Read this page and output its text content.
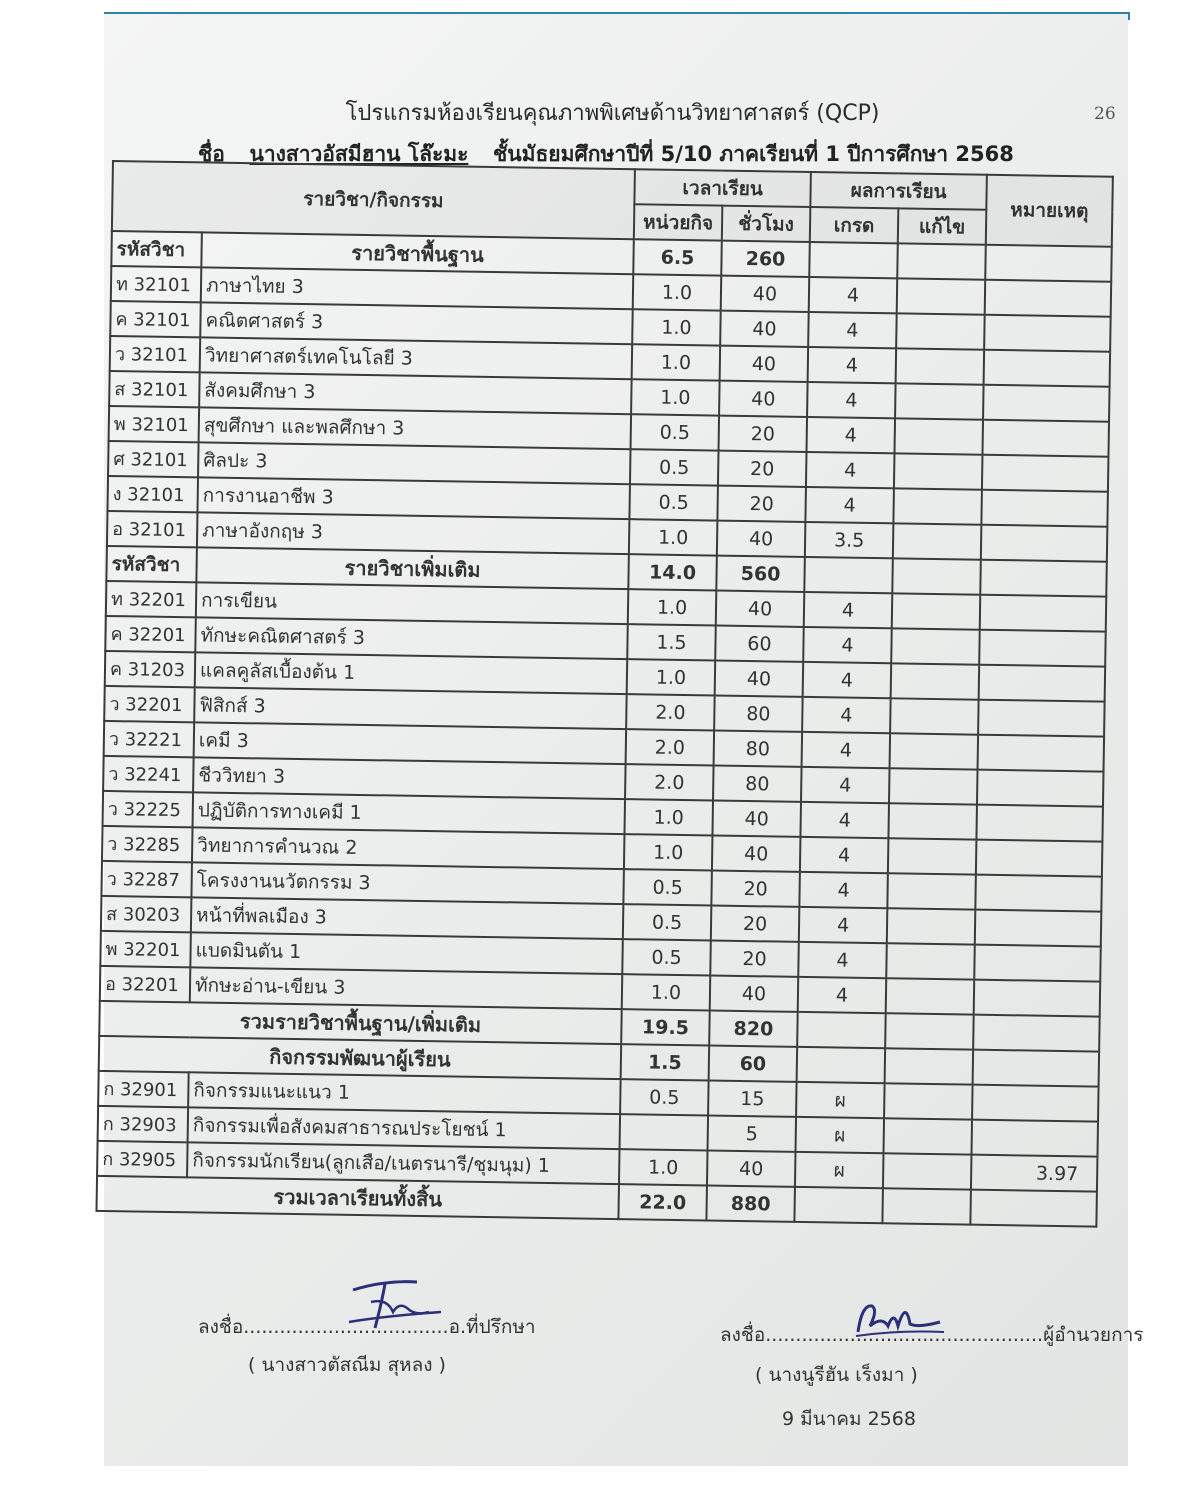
26
โปรแกรมห้องเรียนคุณภาพพิเศษด้านวิทยาศาสตร์ (QCP)
ชื่อ นางสาวอัสมีฮาน โล๊ะมะ ชั้นมัธยมศึกษาปีที่ 5/10 ภาคเรียนที่ 1 ปีการศึกษา 2568
รายวิชา/กิจกรรม		เวลาเรียน		ผลการเรียน		หมายเหตุ
		หน่วยกิจ	ชั่วโมง	เกรด	แก้ไข	
รหัสวิชา	รายวิชาพื้นฐาน	6.5	260			
ท 32101	ภาษาไทย 3	1.0	40	4		
ค 32101	คณิตศาสตร์ 3	1.0	40	4		
ว 32101	วิทยาศาสตร์เทคโนโลยี 3	1.0	40	4		
ส 32101	สังคมศึกษา 3	1.0	40	4		
พ 32101	สุขศึกษา และพลศึกษา 3	0.5	20	4		
ศ 32101	ศิลปะ 3	0.5	20	4		
ง 32101	การงานอาชีพ 3	0.5	20	4		
อ 32101	ภาษาอังกฤษ 3	1.0	40	3.5		
รหัสวิชา	รายวิชาเพิ่มเติม	14.0	560			
ท 32201	การเขียน	1.0	40	4		
ค 32201	ทักษะคณิตศาสตร์ 3	1.5	60	4		
ค 31203	แคลคูลัสเบื้องต้น 1	1.0	40	4		
ว 32201	ฟิสิกส์ 3	2.0	80	4		
ว 32221	เคมี 3	2.0	80	4		
ว 32241	ชีววิทยา 3	2.0	80	4		
ว 32225	ปฏิบัติการทางเคมี 1	1.0	40	4		
ว 32285	วิทยาการคำนวณ 2	1.0	40	4		
ว 32287	โครงงานนวัตกรรม 3	0.5	20	4		
ส 30203	หน้าที่พลเมือง 3	0.5	20	4		
พ 32201	แบดมินตัน 1	0.5	20	4		
อ 32201	ทักษะอ่าน-เขียน 3	1.0	40	4		
รวมรายวิชาพื้นฐาน/เพิ่มเติม		19.5	820			
กิจกรรมพัฒนาผู้เรียน		1.5	60			
ก 32901	กิจกรรมแนะแนว 1	0.5	15	ผ		
ก 32903	กิจกรรมเพื่อสังคมสาธารณประโยชน์ 1		5	ผ		
ก 32905	กิจกรรมนักเรียน(ลูกเสือ/เนตรนารี/ชุมนุม) 1	1.0	40	ผ		3.97
รวมเวลาเรียนทั้งสิ้น		22.0	880			
ลงชื่อ..................................อ.ที่ปรึกษา
( นางสาวตัสณีม สุหลง )
ลงชื่อ..............................................ผู้อำนวยการ
( นางนูรีฮัน เร็งมา )
9 มีนาคม 2568
